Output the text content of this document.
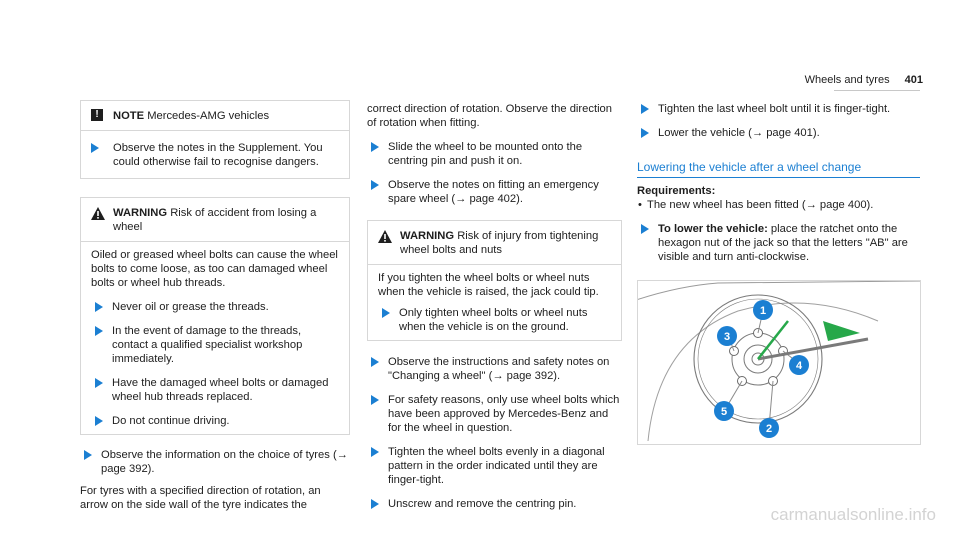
Wheels and tyres 401
!	NOTE Mercedes-AMG vehicles
Observe the notes in the Supplement. You could otherwise fail to recognise dangers.
WARNING Risk of accident from losing a wheel

Oiled or greased wheel bolts can cause the wheel bolts to come loose, as too can damaged wheel bolts or wheel hub threads.

Never oil or grease the threads.
In the event of damage to the threads, contact a qualified specialist workshop immediately.
Have the damaged wheel bolts or damaged wheel hub threads replaced.
Do not continue driving.
Observe the information on the choice of tyres (→ page 392).

For tyres with a specified direction of rotation, an arrow on the side wall of the tyre indicates the

correct direction of rotation. Observe the direction of rotation when fitting.

Slide the wheel to be mounted onto the centring pin and push it on.
Observe the notes on fitting an emergency spare wheel (→ page 402).
WARNING Risk of injury from tightening wheel bolts and nuts

If you tighten the wheel bolts or wheel nuts when the vehicle is raised, the jack could tip.

Only tighten wheel bolts or wheel nuts when the vehicle is on the ground.
Observe the instructions and safety notes on "Changing a wheel" (→ page 392).
For safety reasons, only use wheel bolts which have been approved by Mercedes-Benz and for the wheel in question.
Tighten the wheel bolts evenly in a diagonal pattern in the order indicated until they are finger-tight.
Unscrew and remove the centring pin.
Tighten the last wheel bolt until it is finger-tight.
Lower the vehicle (→ page 401).
Lowering the vehicle after a wheel change
Requirements:
• The new wheel has been fitted (→ page 400).
To lower the vehicle: place the ratchet onto the hexagon nut of the jack so that the letters "AB" are visible and turn anti-clockwise.
1
2
3
4
5
carmanualsonline.info
